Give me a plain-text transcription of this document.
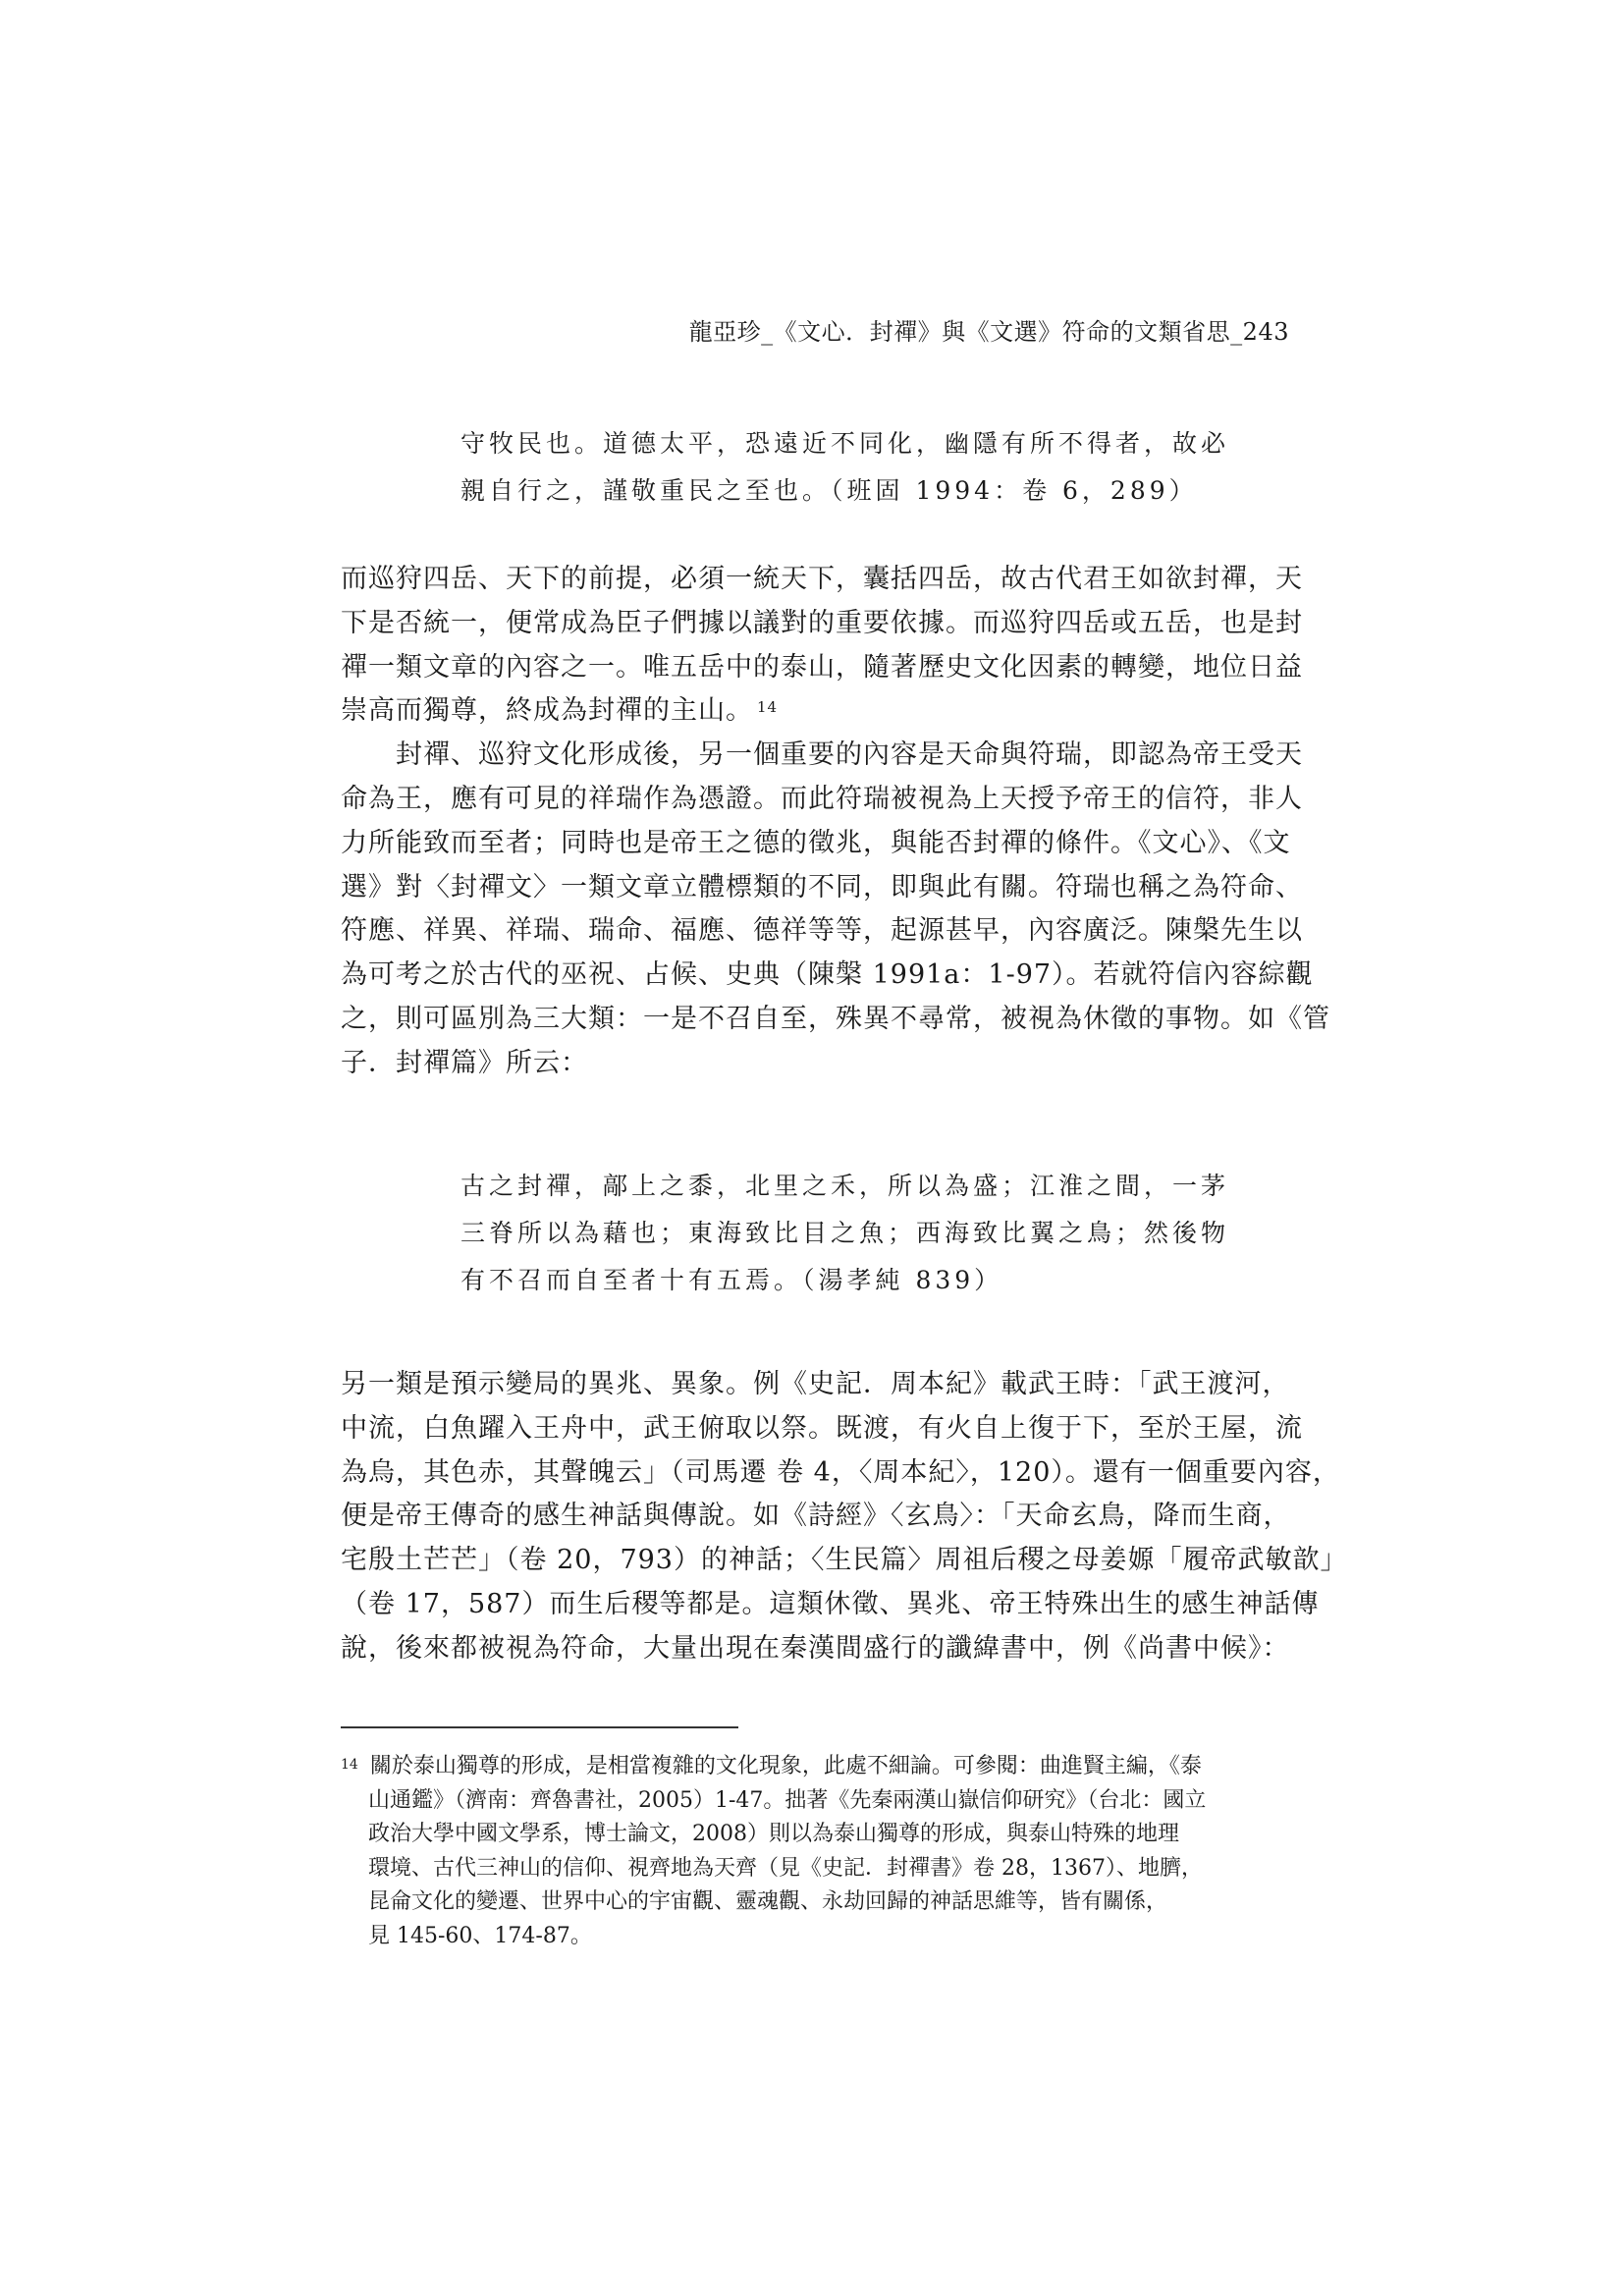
龍亞珍_《文心．封禪》與《文選》符命的文類省思_243
守牧民也。道德太平，恐遠近不同化，幽隱有所不得者，故必
親自行之，謹敬重民之至也。（班固 1994：卷 6，289）
而巡狩四岳、天下的前提，必須一統天下，囊括四岳，故古代君王如欲封禪，天
下是否統一，便常成為臣子們據以議對的重要依據。而巡狩四岳或五岳，也是封
禪一類文章的內容之一。唯五岳中的泰山，隨著歷史文化因素的轉變，地位日益
崇高而獨尊，終成為封禪的主山。 $^{14}$
　　封禪、巡狩文化形成後，另一個重要的內容是天命與符瑞，即認為帝王受天
命為王，應有可見的祥瑞作為憑證。而此符瑞被視為上天授予帝王的信符，非人
力所能致而至者；同時也是帝王之德的徵兆，與能否封禪的條件。《文心》、《文
選》對〈封禪文〉一類文章立體標類的不同，即與此有關。符瑞也稱之為符命、
符應、祥異、祥瑞、瑞命、福應、德祥等等，起源甚早，內容廣泛。陳槃先生以
為可考之於古代的巫祝、占候、史典（陳槃 1991a：1-97）。若就符信內容綜觀
之，則可區別為三大類：一是不召自至，殊異不尋常，被視為休徵的事物。如《管
子．封禪篇》所云：
古之封禪，鄗上之黍，北里之禾，所以為盛；江淮之間，一茅
三脊所以為藉也；東海致比目之魚；西海致比翼之鳥；然後物
有不召而自至者十有五焉。（湯孝純 839）
另一類是預示變局的異兆、異象。例《史記．周本紀》載武王時：「武王渡河，
中流，白魚躍入王舟中，武王俯取以祭。既渡，有火自上復于下，至於王屋，流
為烏，其色赤，其聲魄云」（司馬遷 卷 4，〈周本紀〉，120）。還有一個重要內容，
便是帝王傳奇的感生神話與傳說。如《詩經》〈玄鳥〉：「天命玄鳥，降而生商，
宅殷土芒芒」（卷 20，793）的神話；〈生民篇〉周祖后稷之母姜嫄「履帝武敏歆」
（卷 17，587）而生后稷等都是。這類休徵、異兆、帝王特殊出生的感生神話傳
說，後來都被視為符命，大量出現在秦漢間盛行的讖緯書中，例《尚書中候》：
$^{14}$ 關於泰山獨尊的形成，是相當複雜的文化現象，此處不細論。可參閱：曲進賢主編，《泰
山通鑑》（濟南：齊魯書社，2005）1-47。拙著《先秦兩漢山嶽信仰研究》（台北：國立
政治大學中國文學系，博士論文，2008）則以為泰山獨尊的形成，與泰山特殊的地理
環境、古代三神山的信仰、視齊地為天齊（見《史記．封禪書》卷 28，1367）、地臍，
昆侖文化的變遷、世界中心的宇宙觀、靈魂觀、永劫回歸的神話思維等，皆有關係，
見 145-60、174-87。
